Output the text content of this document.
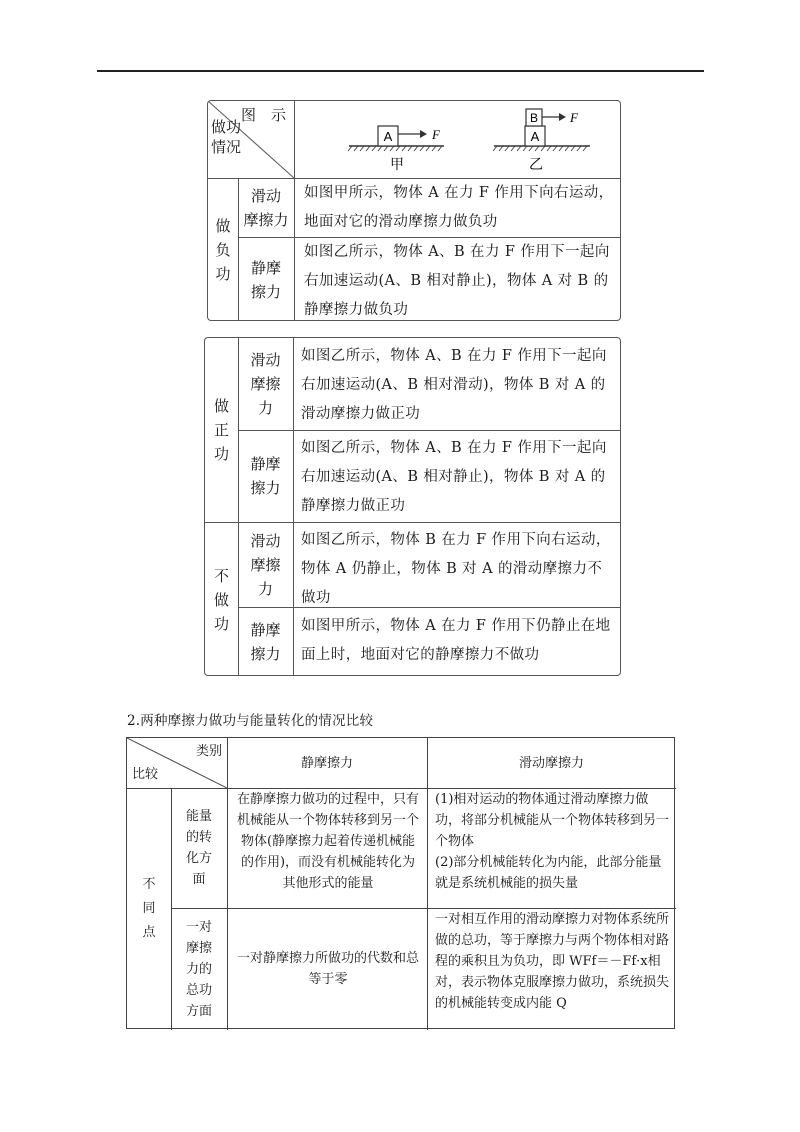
图　示
做功
情况
A	F
甲
A
B F
乙
做
负
功
滑动
摩擦力
如图甲所示，物体 A 在力 F 作用下向右运动，地面对它的滑动摩擦力做负功
静摩
擦力
如图乙所示，物体 A、B 在力 F 作用下一起向右加速运动(A、B 相对静止)，物体 A 对 B 的静摩擦力做负功
做
正
功
不
做
功
滑动
摩擦
力
如图乙所示，物体 A、B 在力 F 作用下一起向右加速运动(A、B 相对滑动)，物体 B 对 A 的滑动摩擦力做正功
静摩
擦力
如图乙所示，物体 A、B 在力 F 作用下一起向右加速运动(A、B 相对静止)，物体 B 对 A 的静摩擦力做正功
滑动
摩擦
力
如图乙所示，物体 B 在力 F 作用下向右运动，物体 A 仍静止，物体 B 对 A 的滑动摩擦力不做功
静摩
擦力
如图甲所示，物体 A 在力 F 作用下仍静止在地面上时，地面对它的静摩擦力不做功
2.两种摩擦力做功与能量转化的情况比较
类别
比较
静摩擦力	滑动摩擦力
不
同
点
能量
的转
化方
面
在静摩擦力做功的过程中，只有机械能从一个物体转移到另一个物体(静摩擦力起着传递机械能的作用)，而没有机械能转化为其他形式的能量
(1)相对运动的物体通过滑动摩擦力做功，将部分机械能从一个物体转移到另一个物体
(2)部分机械能转化为内能，此部分能量就是系统机械能的损失量
一对
摩擦
力的
总功
方面
一对静摩擦力所做功的代数和总等于零
一对相互作用的滑动摩擦力对物体系统所做的总功，等于摩擦力与两个物体相对路程的乘积且为负功，即 WFf＝－Ff·x相对，表示物体克服摩擦力做功，系统损失的机械能转变成内能 Q
